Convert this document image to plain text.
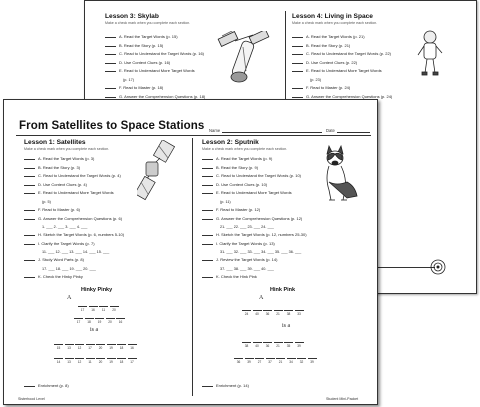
Lesson 3: Skylab
Make a check mark when you complete each section.
A. Read the Target Words (p. 15)
B. Read the Story (p. 15)
C. Read to Understand the Target Words (p. 16)
D. Use Context Clues (p. 16)
E. Read to Understand More Target Words
(p. 17)
F. Read to Master (p. 18)
G. Answer the Comprehension Questions (p. 18)
Lesson 4: Living in Space
Make a check mark when you complete each section.
A. Read the Target Words (p. 21)
B. Read the Story (p. 21)
C. Read to Understand the Target Words (p. 22)
D. Use Context Clues (p. 22)
E. Read to Understand More Target Words
(p. 23)
F. Read to Master (p. 24)
G. Answer the Comprehension Questions (p. 24)
From Satellites to Space Stations Name	Date
Lesson 1: Satellites
Make a check mark when you complete each section.
A. Read the Target Words (p. 3)
B. Read the Story (p. 3)
C. Read to Understand the Target Words (p. 4)
D. Use Context Clues (p. 4)
E. Read to Understand More Target Words
(p. 5)
F. Read to Master (p. 6)
G. Answer the Comprehension Questions (p. 6)
1. ___ 2. ___ 3. ___ 4. ___
H. Sketch the Target Words (p. 6, numbers 5-10)
I. Clarify the Target Words (p. 7)
11. ___ 12. ___ 13. ___ 14. ___ 15. ___
J. Study Word Parts (p. 8)
17. ___ 18. ___ 19. ___ 20. ___
K. Check the Hinky Pinky
Hinky Pinky
A
17	16	11	20
17	18	19	20	16
is a
15	13	12	17	20	19	18	16
14	13	12	11	20	19	18	17
Enrichment (p. 8)
Lesson 2: Sputnik
Make a check mark when you complete each section.
A. Read the Target Words (p. 9)
B. Read the Story (p. 9)
C. Read to Understand the Target Words (p. 10)
D. Use Context Clues (p. 10)
E. Read to Understand More Target Words
(p. 11)
F. Read to Master (p. 12)
G. Answer the Comprehension Questions (p. 12)
21. ___ 22. ___ 23. ___ 24. ___
H. Sketch the Target Words (p. 12, numbers 25-30)
I. Clarify the Target Words (p. 13)
31. ___ 32. ___ 33. ___ 34. ___ 35. ___ 36. ___
J. Review the Target Words (p. 14)
37. ___ 38. ___ 39. ___ 40. ___
K. Check the Hink Pink
Hink Pink
A
24	40	36	21	38	33
is a
38	40	36	21	35	39
36	39	27	37	21	34	32	39
Enrichment (p. 14)
Sisterhood Level	Student Mini-Packet
